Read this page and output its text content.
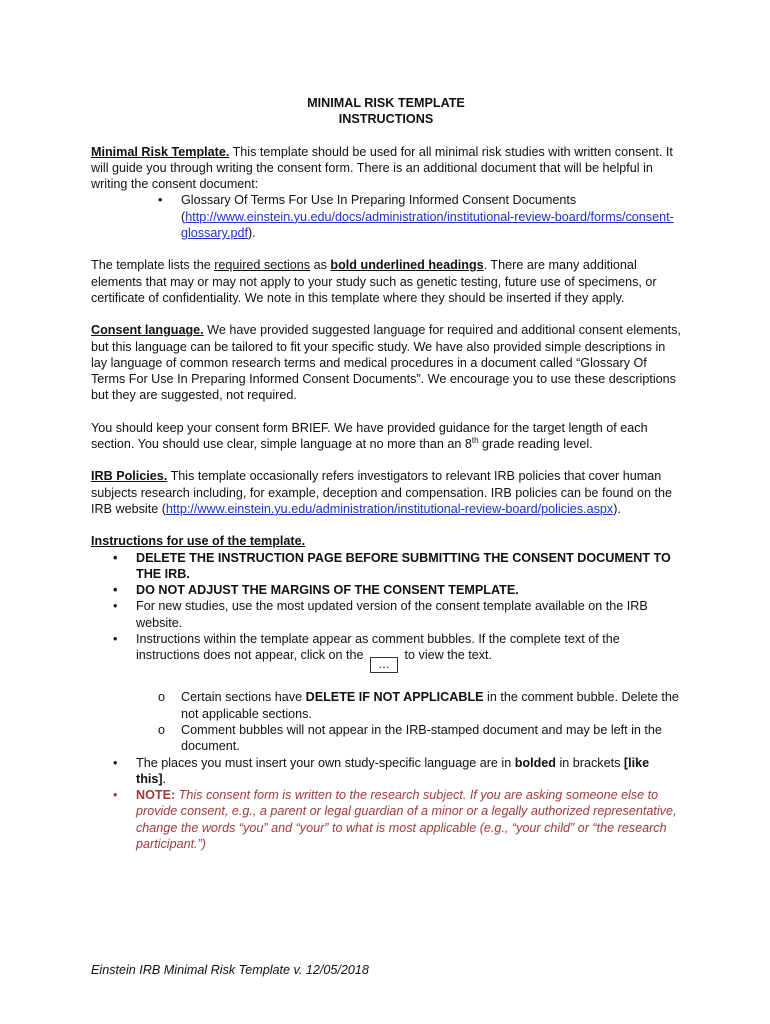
MINIMAL RISK TEMPLATE

INSTRUCTIONS

Minimal Risk Template. This template should be used for all minimal risk studies with written consent. It will guide you through writing the consent form. There is an additional document that will be helpful in writing the consent document:

• Glossary Of Terms For Use In Preparing Informed Consent Documents (http://www.einstein.yu.edu/docs/administration/institutional-review-board/forms/consent-glossary.pdf).

The template lists the required sections as bold underlined headings. There are many additional elements that may or may not apply to your study such as genetic testing, future use of specimens, or certificate of confidentiality. We note in this template where they should be inserted if they apply.

Consent language. We have provided suggested language for required and additional consent elements, but this language can be tailored to fit your specific study. We have also provided simple descriptions in lay language of common research terms and medical procedures in a document called “Glossary Of Terms For Use In Preparing Informed Consent Documents”. We encourage you to use these descriptions but they are suggested, not required.

You should keep your consent form BRIEF. We have provided guidance for the target length of each section. You should use clear, simple language at no more than an 8th grade reading level.

IRB Policies. This template occasionally refers investigators to relevant IRB policies that cover human subjects research including, for example, deception and compensation. IRB policies can be found on the IRB website (http://www.einstein.yu.edu/administration/institutional-review-board/policies.aspx).

Instructions for use of the template.

• DELETE THE INSTRUCTION PAGE BEFORE SUBMITTING THE CONSENT DOCUMENT TO THE IRB.
• DO NOT ADJUST THE MARGINS OF THE CONSENT TEMPLATE.
• For new studies, use the most updated version of the consent template available on the IRB website.
• Instructions within the template appear as comment bubbles. If the complete text of the instructions does not appear, click on the … to view the text.
o Certain sections have DELETE IF NOT APPLICABLE in the comment bubble. Delete the not applicable sections.
o Comment bubbles will not appear in the IRB-stamped document and may be left in the document.
• The places you must insert your own study-specific language are in bolded in brackets [like this].
• NOTE: This consent form is written to the research subject. If you are asking someone else to provide consent, e.g., a parent or legal guardian of a minor or a legally authorized representative, change the words “you” and “your” to what is most applicable (e.g., “your child” or “the research participant.”)
Einstein IRB Minimal Risk Template v. 12/05/2018
